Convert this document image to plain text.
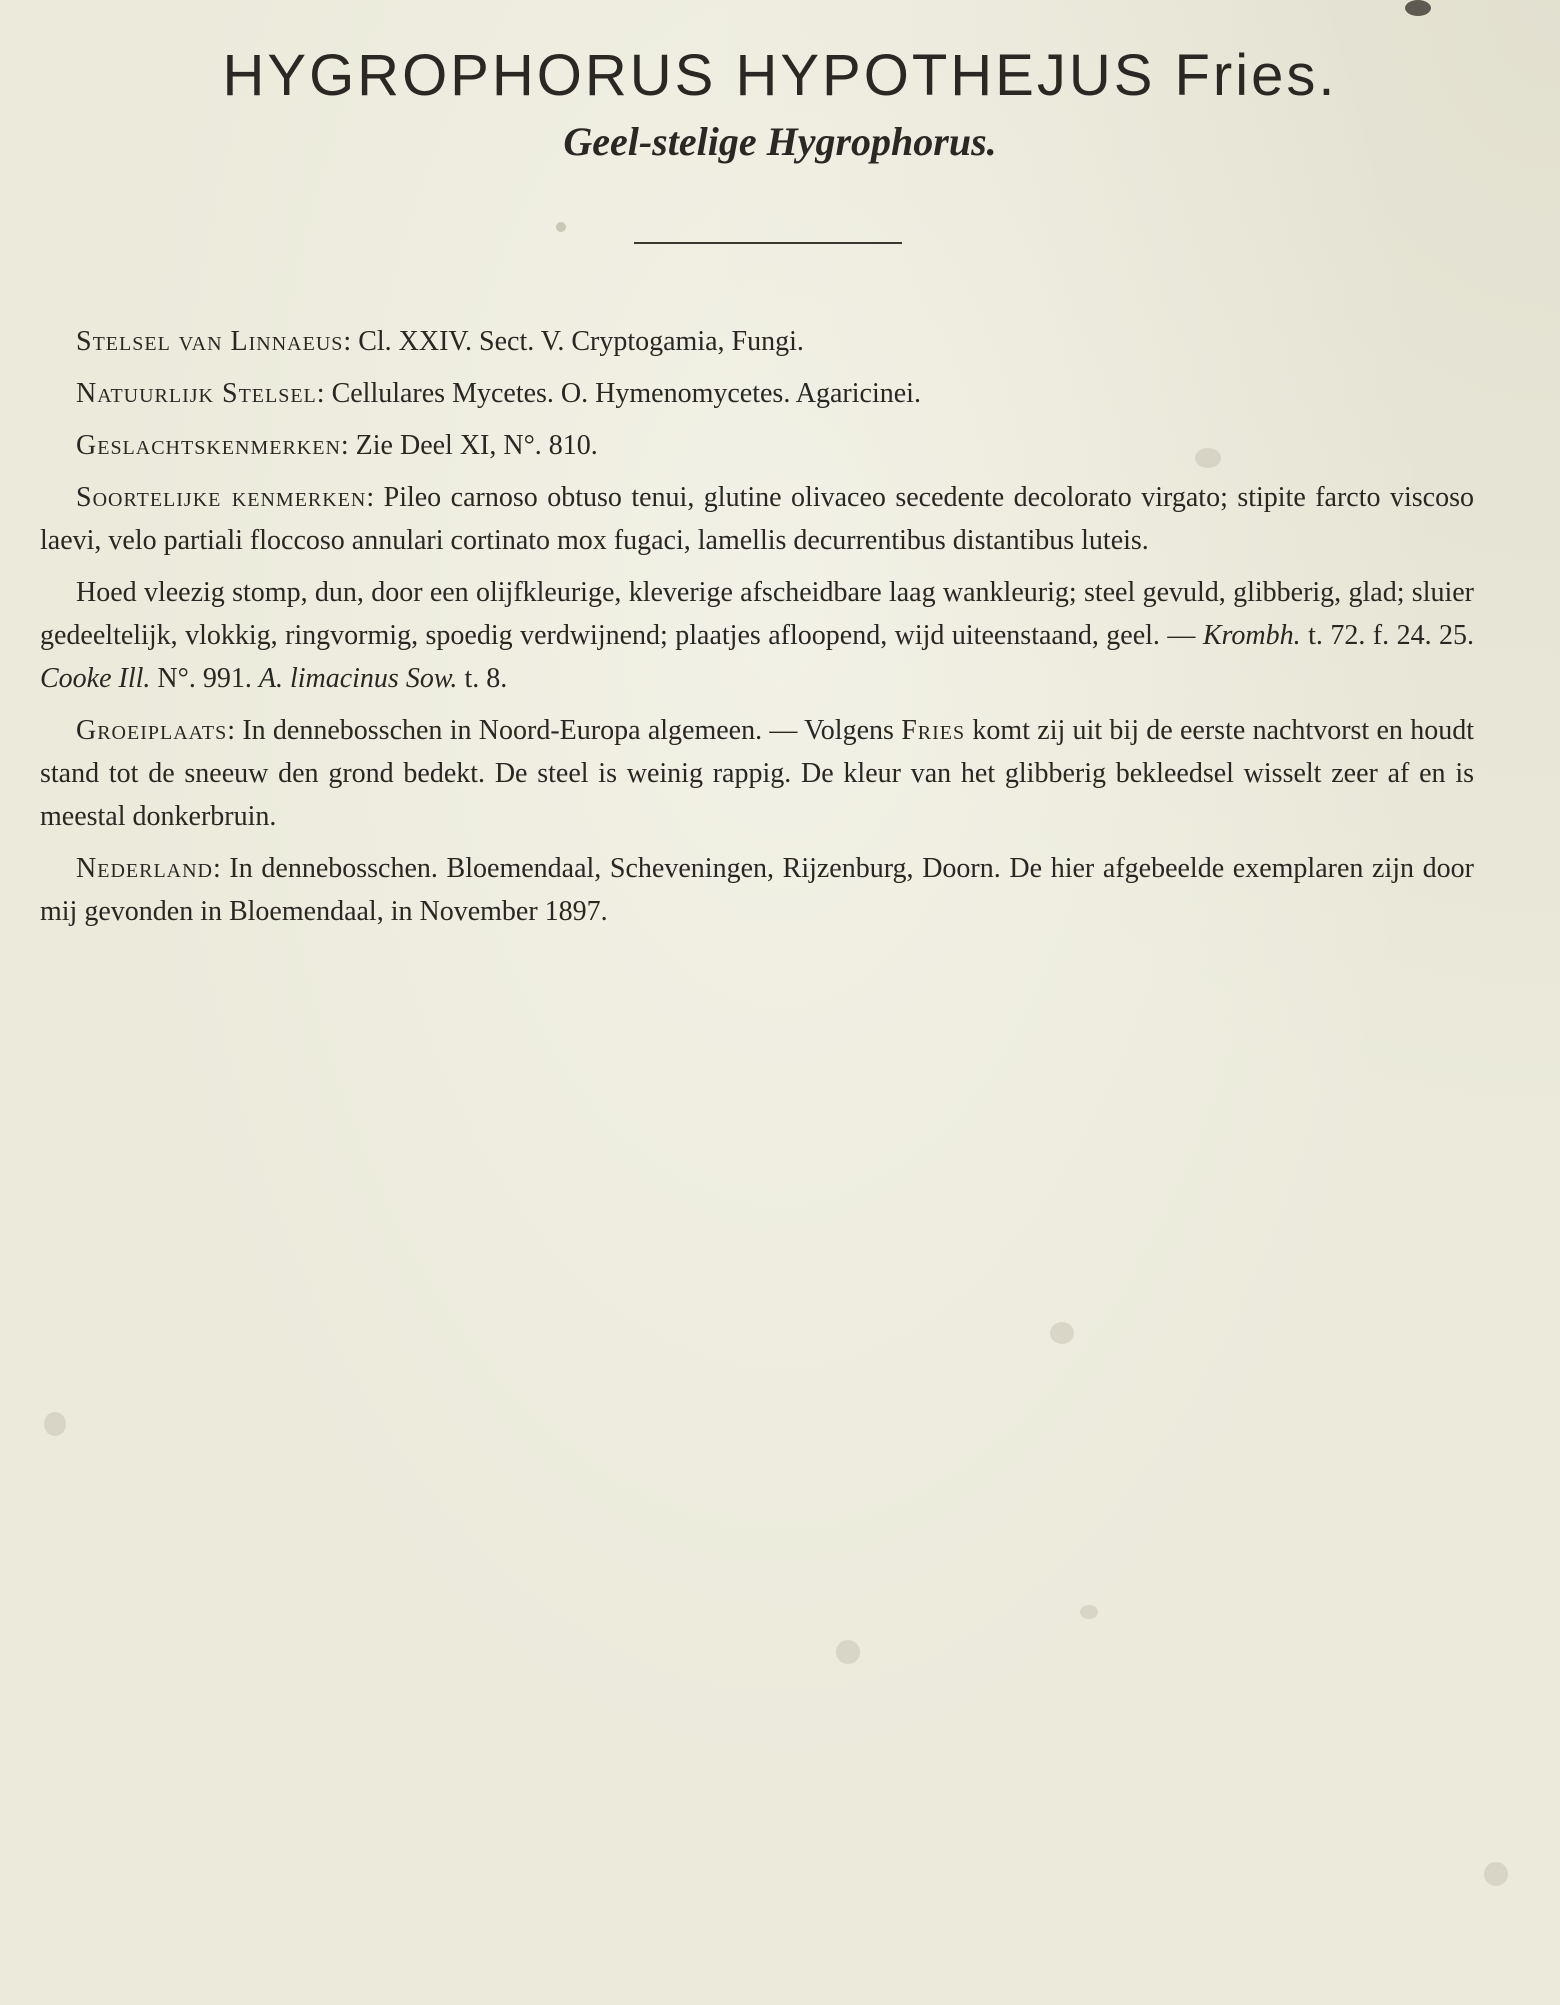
HYGROPHORUS HYPOTHEJUS Fries.
Geel-stelige Hygrophorus.

Stelsel van Linnaeus: Cl. XXIV. Sect. V. Cryptogamia, Fungi.

Natuurlijk Stelsel: Cellulares Mycetes. O. Hymenomycetes. Agaricinei.

Geslachtskenmerken: Zie Deel XI, N°. 810.

Soortelijke kenmerken: Pileo carnoso obtuso tenui, glutine olivaceo secedente decolorato virgato; stipite farcto viscoso laevi, velo partiali floccoso annulari cortinato mox fugaci, lamellis decurrentibus distantibus luteis.

Hoed vleezig stomp, dun, door een olijfkleurige, kleverige afscheidbare laag wankleurig; steel gevuld, glibberig, glad; sluier gedeeltelijk, vlokkig, ringvormig, spoedig verdwijnend; plaatjes afloopend, wijd uiteenstaand, geel. — Krombh. t. 72. f. 24. 25. Cooke Ill. N°. 991. A. limacinus Sow. t. 8.

Groeiplaats: In dennebosschen in Noord-Europa algemeen. — Volgens Fries komt zij uit bij de eerste nachtvorst en houdt stand tot de sneeuw den grond bedekt. De steel is weinig rappig. De kleur van het glibberig bekleedsel wisselt zeer af en is meestal donkerbruin.

Nederland: In dennebosschen. Bloemendaal, Scheveningen, Rijzenburg, Doorn. De hier afgebeelde exemplaren zijn door mij gevonden in Bloemendaal, in November 1897.
